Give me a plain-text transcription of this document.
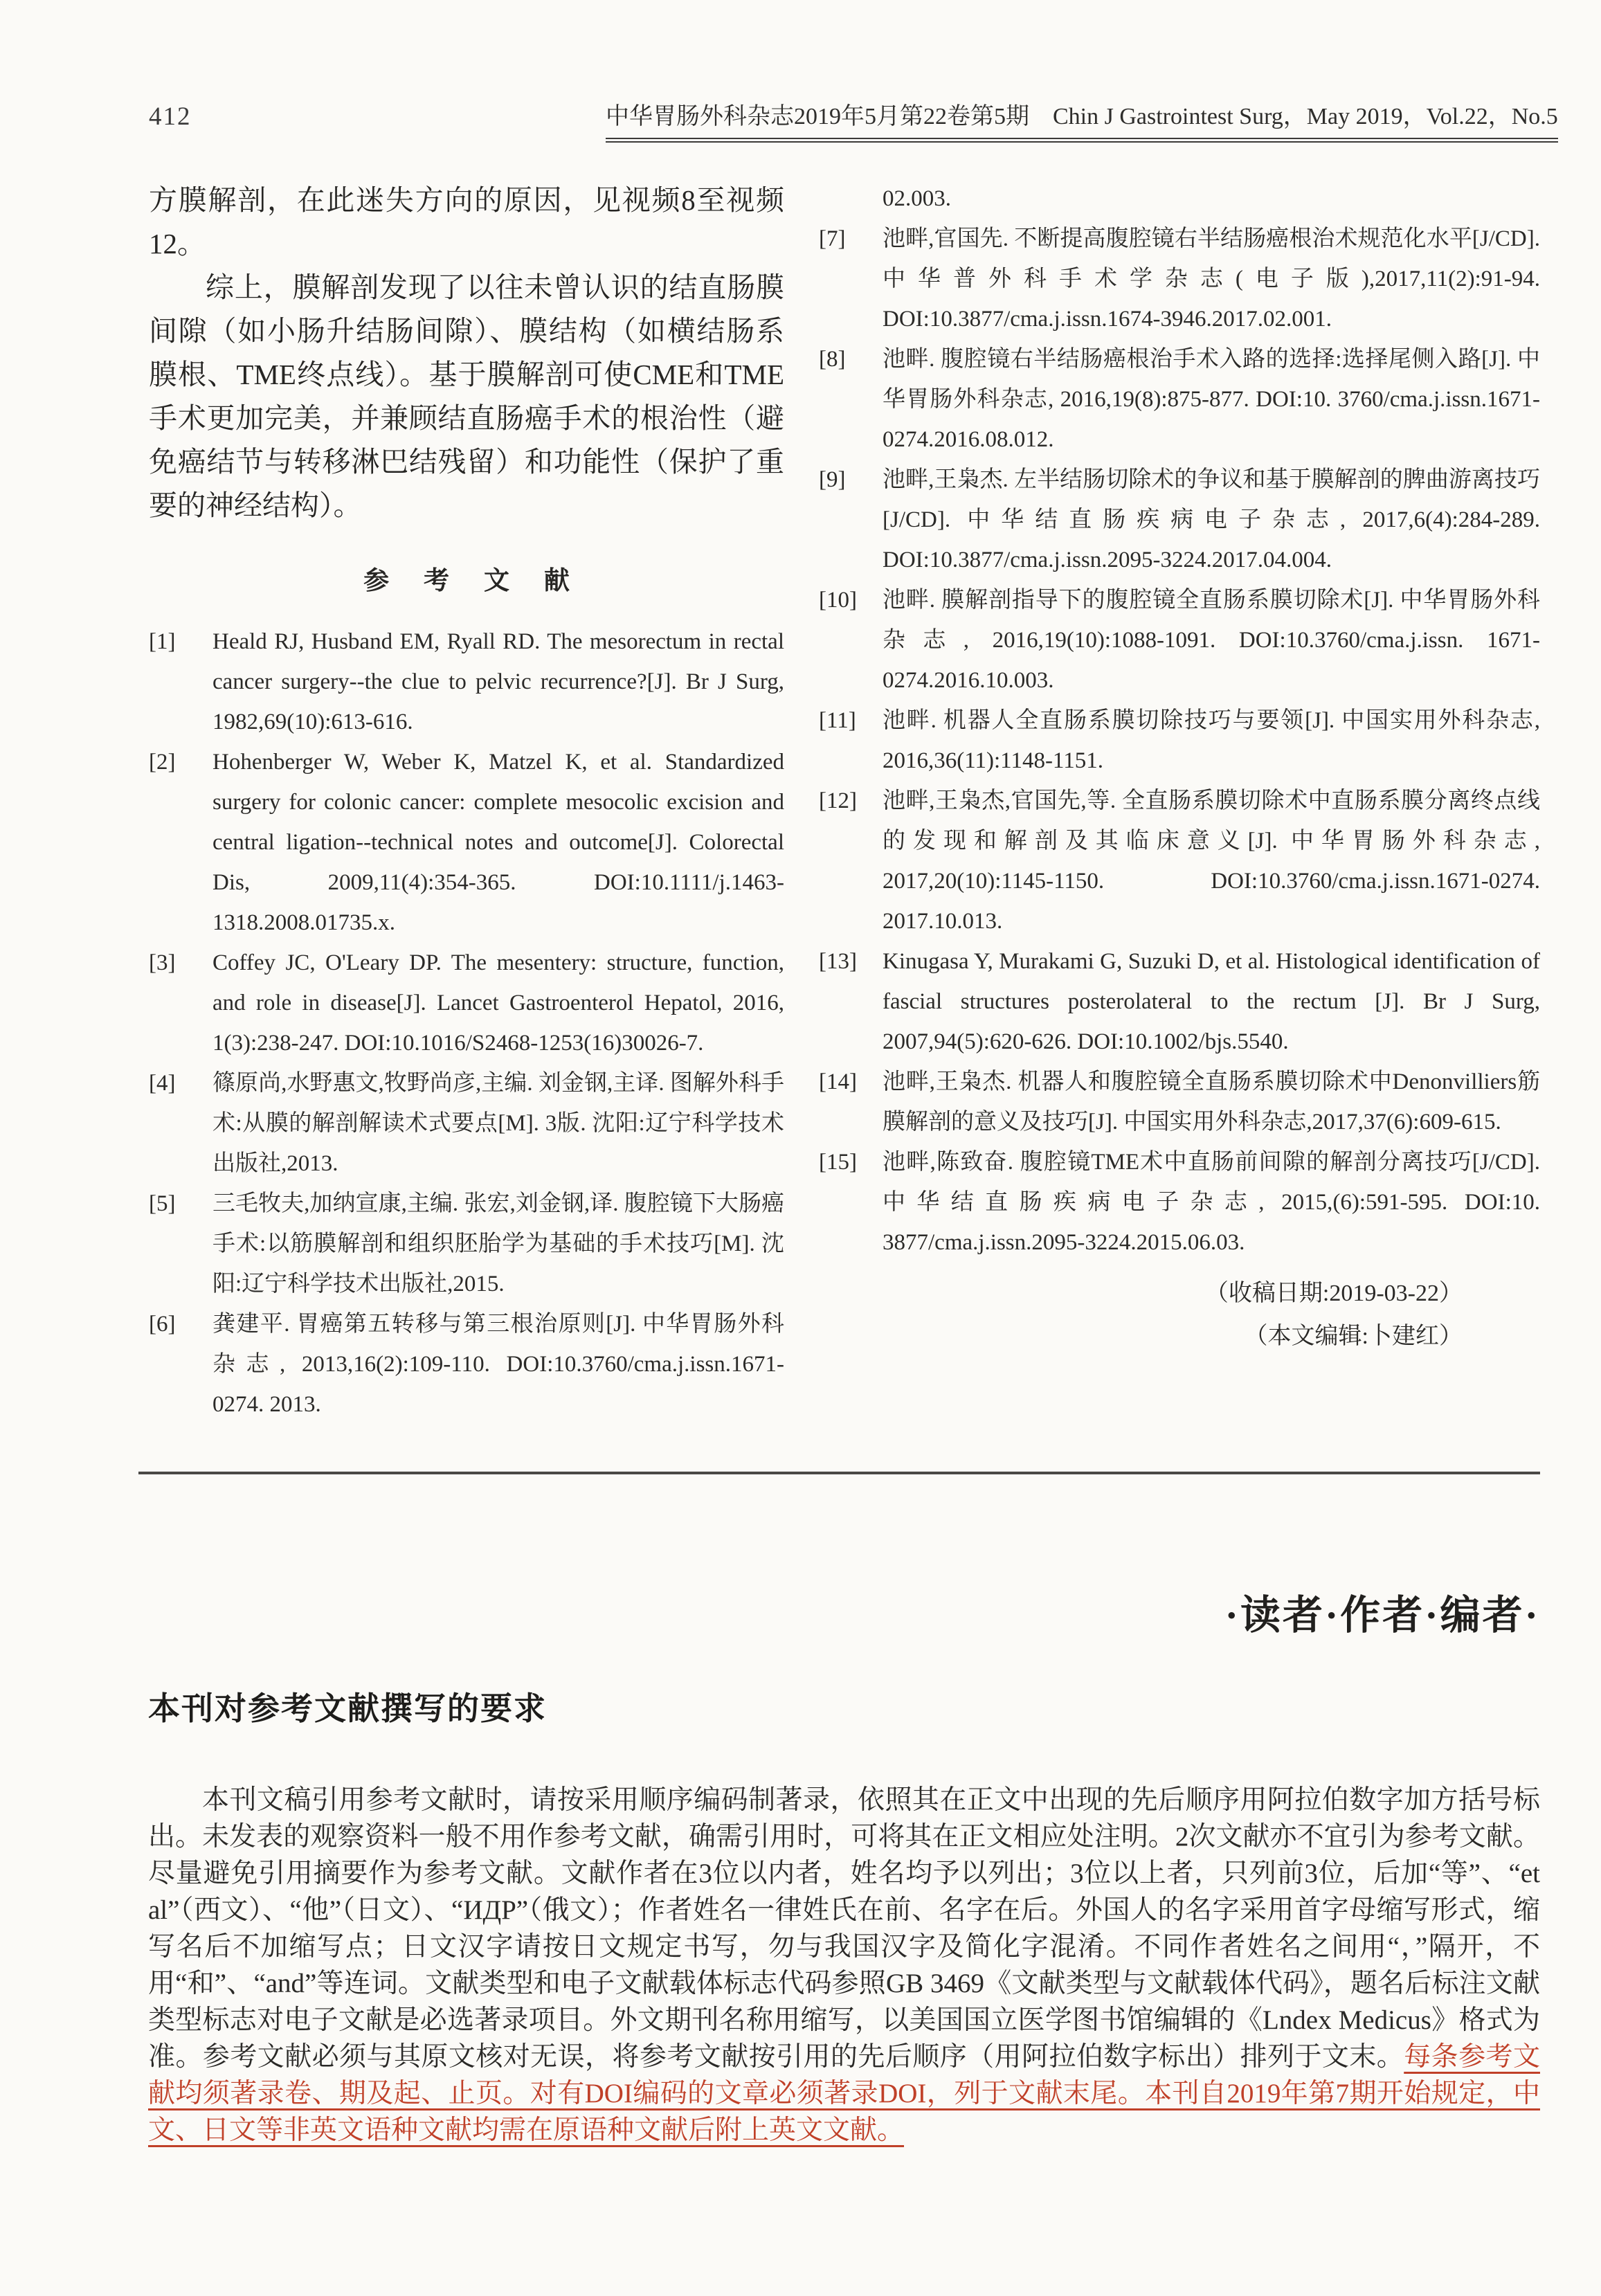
412	中华胃肠外科杂志2019年5月第22卷第5期　Chin J Gastrointest Surg，May 2019，Vol.22，No.5

方膜解剖，在此迷失方向的原因，见视频8至视频12。

综上，膜解剖发现了以往未曾认识的结直肠膜间隙（如小肠升结肠间隙）、膜结构（如横结肠系膜根、TME终点线）。基于膜解剖可使CME和TME手术更加完美，并兼顾结直肠癌手术的根治性（避免癌结节与转移淋巴结残留）和功能性（保护了重要的神经结构）。

参 考 文 献
[1]	Heald RJ, Husband EM, Ryall RD. The mesorectum in rectal cancer surgery--the clue to pelvic recurrence?[J]. Br J Surg, 1982,69(10):613-616.
[2]	Hohenberger W, Weber K, Matzel K, et al. Standardized surgery for colonic cancer: complete mesocolic excision and central ligation--technical notes and outcome[J]. Colorectal Dis, 2009,11(4):354-365. DOI:10.1111/j.1463-1318.2008.01735.x.
[3]	Coffey JC, O'Leary DP. The mesentery: structure, function, and role in disease[J]. Lancet Gastroenterol Hepatol, 2016, 1(3):238-247. DOI:10.1016/S2468-1253(16)30026-7.
[4]	篠原尚,水野惠文,牧野尚彦,主编. 刘金钢,主译. 图解外科手术:从膜的解剖解读术式要点[M]. 3版. 沈阳:辽宁科学技术出版社,2013.
[5]	三毛牧夫,加纳宣康,主编. 张宏,刘金钢,译. 腹腔镜下大肠癌手术:以筋膜解剖和组织胚胎学为基础的手术技巧[M]. 沈阳:辽宁科学技术出版社,2015.
[6]	龚建平. 胃癌第五转移与第三根治原则[J]. 中华胃肠外科杂志, 2013,16(2):109-110. DOI:10.3760/cma.j.issn.1671-0274. 2013.
02.003.
[7]	池畔,官国先. 不断提高腹腔镜右半结肠癌根治术规范化水平[J/CD]. 中华普外科手术学杂志(电子版),2017,11(2):91-94. DOI:10.3877/cma.j.issn.1674-3946.2017.02.001.
[8]	池畔. 腹腔镜右半结肠癌根治手术入路的选择:选择尾侧入路[J]. 中华胃肠外科杂志, 2016,19(8):875-877. DOI:10. 3760/cma.j.issn.1671-0274.2016.08.012.
[9]	池畔,王枭杰. 左半结肠切除术的争议和基于膜解剖的脾曲游离技巧[J/CD]. 中华结直肠疾病电子杂志, 2017,6(4):284-289. DOI:10.3877/cma.j.issn.2095-3224.2017.04.004.
[10]	池畔. 膜解剖指导下的腹腔镜全直肠系膜切除术[J]. 中华胃肠外科杂志, 2016,19(10):1088-1091. DOI:10.3760/cma.j.issn. 1671-0274.2016.10.003.
[11]	池畔. 机器人全直肠系膜切除技巧与要领[J]. 中国实用外科杂志, 2016,36(11):1148-1151.
[12]	池畔,王枭杰,官国先,等. 全直肠系膜切除术中直肠系膜分离终点线的发现和解剖及其临床意义[J]. 中华胃肠外科杂志, 2017,20(10):1145-1150. DOI:10.3760/cma.j.issn.1671-0274. 2017.10.013.
[13]	Kinugasa Y, Murakami G, Suzuki D, et al. Histological identification of fascial structures posterolateral to the rectum [J]. Br J Surg, 2007,94(5):620-626. DOI:10.1002/bjs.5540.
[14]	池畔,王枭杰. 机器人和腹腔镜全直肠系膜切除术中Denonvilliers筋膜解剖的意义及技巧[J]. 中国实用外科杂志,2017,37(6):609-615.
[15]	池畔,陈致奋. 腹腔镜TME术中直肠前间隙的解剖分离技巧[J/CD]. 中华结直肠疾病电子杂志, 2015,(6):591-595. DOI:10. 3877/cma.j.issn.2095-3224.2015.06.03.
（收稿日期:2019-03-22）
（本文编辑:卜建红）
·读者·作者·编者·
本刊对参考文献撰写的要求

本刊文稿引用参考文献时，请按采用顺序编码制著录，依照其在正文中出现的先后顺序用阿拉伯数字加方括号标出。未发表的观察资料一般不用作参考文献，确需引用时，可将其在正文相应处注明。2次文献亦不宜引为参考文献。尽量避免引用摘要作为参考文献。文献作者在3位以内者，姓名均予以列出；3位以上者，只列前3位，后加“等”、“et al”（西文）、“他”（日文）、“ИДР”（俄文）；作者姓名一律姓氏在前、名字在后。外国人的名字采用首字母缩写形式，缩写名后不加缩写点；日文汉字请按日文规定书写，勿与我国汉字及简化字混淆。不同作者姓名之间用“，”隔开，不用“和”、“and”等连词。文献类型和电子文献载体标志代码参照GB 3469《文献类型与文献载体代码》，题名后标注文献类型标志对电子文献是必选著录项目。外文期刊名称用缩写，以美国国立医学图书馆编辑的《Lndex Medicus》格式为准。参考文献必须与其原文核对无误，将参考文献按引用的先后顺序（用阿拉伯数字标出）排列于文末。每条参考文献均须著录卷、期及起、止页。对有DOI编码的文章必须著录DOI，列于文献末尾。本刊自2019年第7期开始规定，中文、日文等非英文语种文献均需在原语种文献后附上英文文献。
